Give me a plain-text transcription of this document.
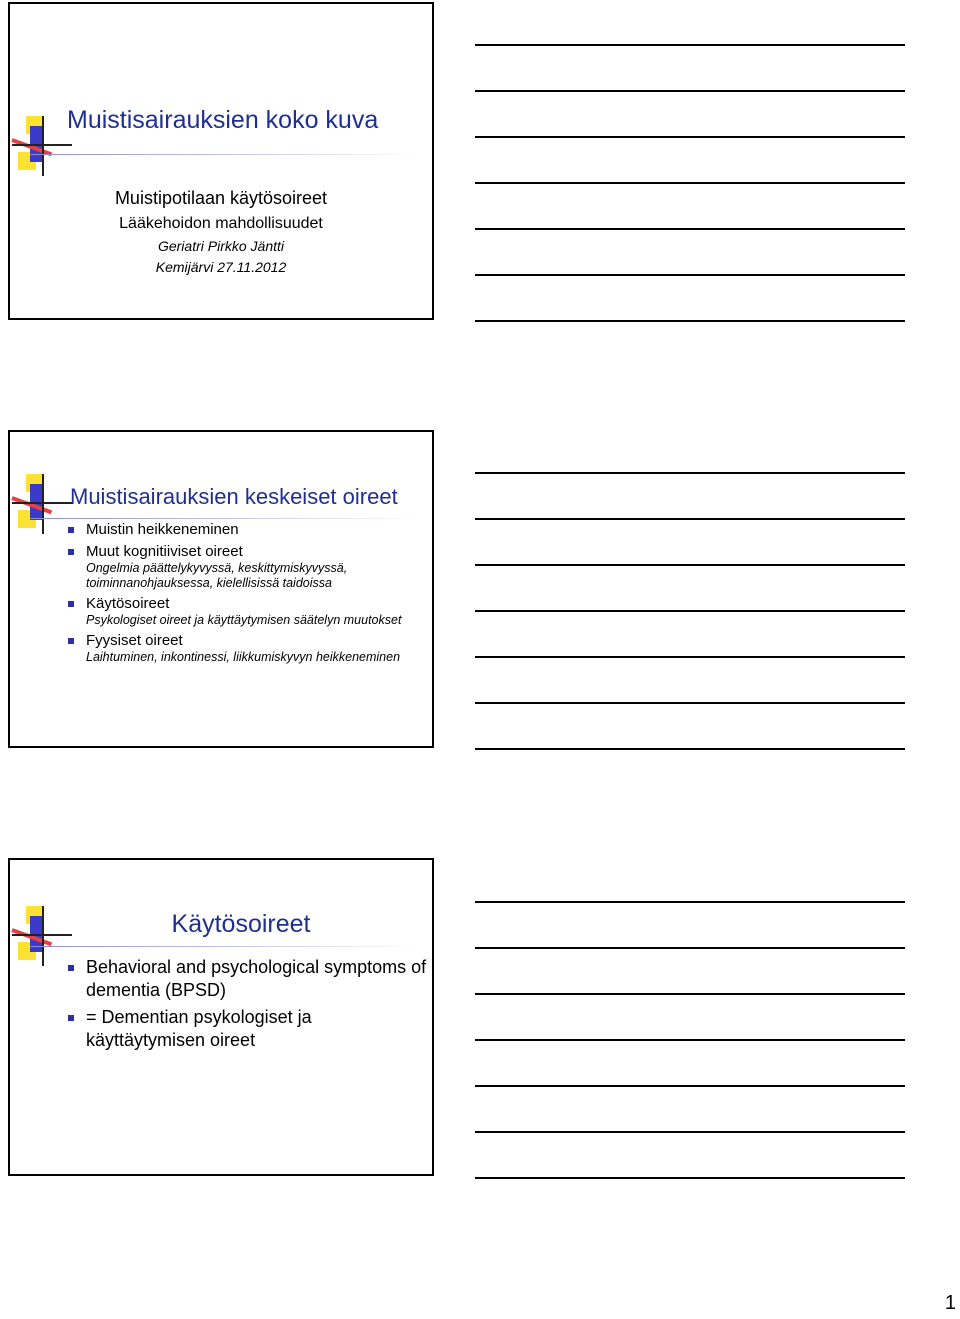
Muistisairauksien koko kuva
Muistipotilaan käytösoireet
Lääkehoidon mahdollisuudet
Geriatri Pirkko Jäntti
Kemijärvi 27.11.2012
Muistisairauksien keskeiset oireet
Muistin heikkeneminen
Muut kognitiiviset oireet
Ongelmia päättelykyvyssä, keskittymiskyvyssä, toiminnanohjauksessa, kielellisissä taidoissa
Käytösoireet
Psykologiset oireet ja käyttäytymisen säätelyn muutokset
Fyysiset oireet
Laihtuminen, inkontinessi, liikkumiskyvyn heikkeneminen
Käytösoireet
Behavioral and psychological symptoms of dementia (BPSD)
= Dementian psykologiset ja käyttäytymisen oireet
1
